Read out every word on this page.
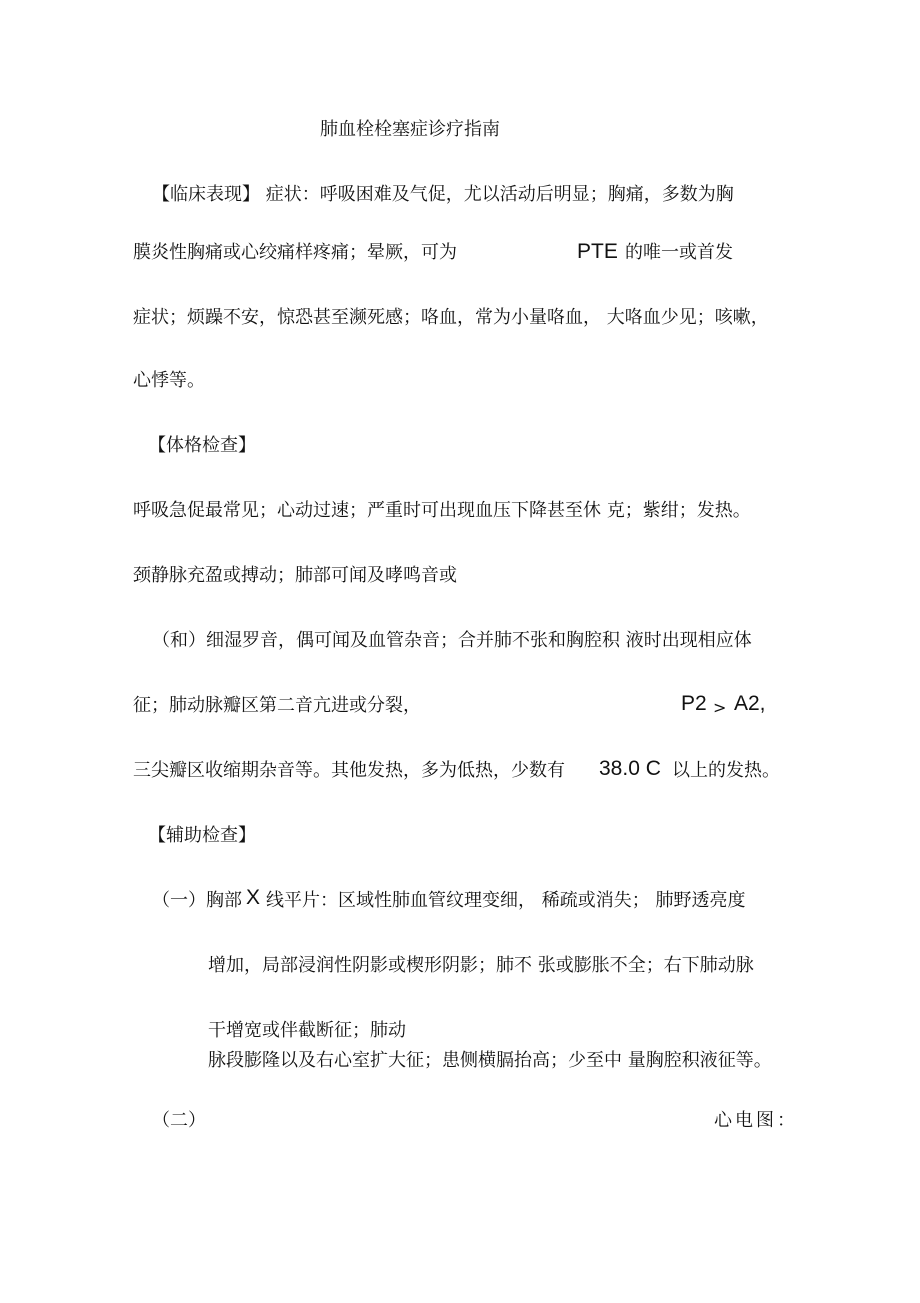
肺血栓栓塞症诊疗指南
【临床表现】 症状：呼吸困难及气促，尤以活动后明显；胸痛，多数为胸
膜炎性胸痛或心绞痛样疼痛；晕厥，可为	PTE 的唯一或首发
症状；烦躁不安，惊恐甚至濒死感；咯血，常为小量咯血， 大咯血少见；咳嗽，
心悸等。
【体格检查】
呼吸急促最常见；心动过速；严重时可出现血压下降甚至休 克；紫绀；发热。
颈静脉充盈或搏动；肺部可闻及哮鸣音或
（和）细湿罗音，偶可闻及血管杂音；合并肺不张和胸腔积 液时出现相应体
征；肺动脉瓣区第二音亢进或分裂，	P2 > A2,
三尖瓣区收缩期杂音等。其他发热，多为低热，少数有 38.0 C 以上的发热。
【辅助检查】
（一）胸部 X 线平片：区域性肺血管纹理变细， 稀疏或消失； 肺野透亮度
增加，局部浸润性阴影或楔形阴影；肺不 张或膨胀不全；右下肺动脉
干增宽或伴截断征；肺动
脉段膨隆以及右心室扩大征；患侧横膈抬高；少至中 量胸腔积液征等。
（二）	心电图：
